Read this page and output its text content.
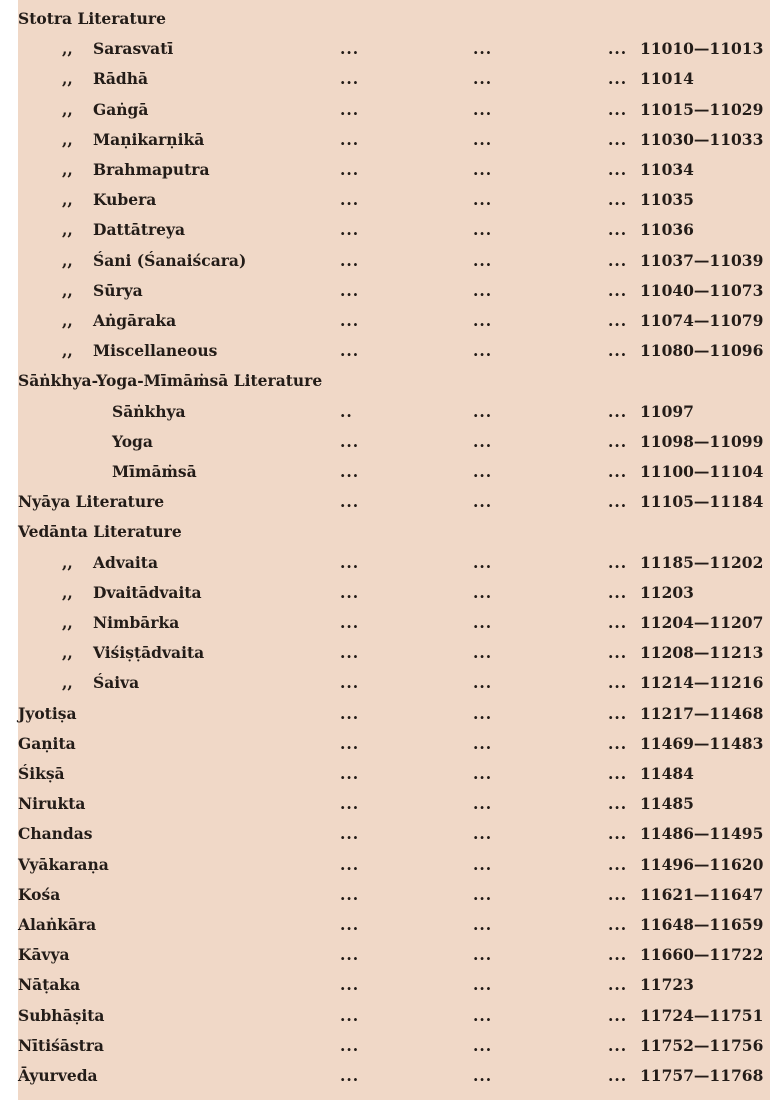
Stotra Literature
,, Sarasvatī	...	...	... 11010—11013
,, Rādhā	...	...	... 11014
,, Gaṅgā	...	...	... 11015—11029
,, Maṇikarṇikā	...	...	... 11030—11033
,, Brahmaputra	...	...	... 11034
,, Kubera	...	...	... 11035
,, Dattātreya	...	...	... 11036
,, Śani (Śanaiścara)	...	...	... 11037—11039
,, Sūrya	...	...	... 11040—11073
,, Aṅgāraka	...	...	... 11074—11079
,, Miscellaneous	...	...	... 11080—11096
Sāṅkhya-Yoga-Mīmāṁsā Literature
Sāṅkhya	..	...	... 11097
Yoga	...	...	... 11098—11099
Mīmāṁsā	...	...	... 11100—11104
Nyāya Literature	...	...	... 11105—11184
Vedānta Literature
,, Advaita	...	...	... 11185—11202
,, Dvaitādvaita	...	...	... 11203
,, Nimbārka	...	...	... 11204—11207
,, Viśiṣṭādvaita	...	...	... 11208—11213
,, Śaiva	...	...	... 11214—11216
Jyotiṣa	...	...	... 11217—11468
Gaṇita	...	...	... 11469—11483
Śikṣā	...	...	... 11484
Nirukta	...	...	... 11485
Chandas	...	...	... 11486—11495
Vyākaraṇa	...	...	... 11496—11620
Kośa	...	...	... 11621—11647
Alaṅkāra	...	...	... 11648—11659
Kāvya	...	...	... 11660—11722
Nāṭaka	...	...	... 11723
Subhāṣita	...	...	... 11724—11751
Nītiśāstra	...	...	... 11752—11756
Āyurveda	...	...	... 11757—11768
